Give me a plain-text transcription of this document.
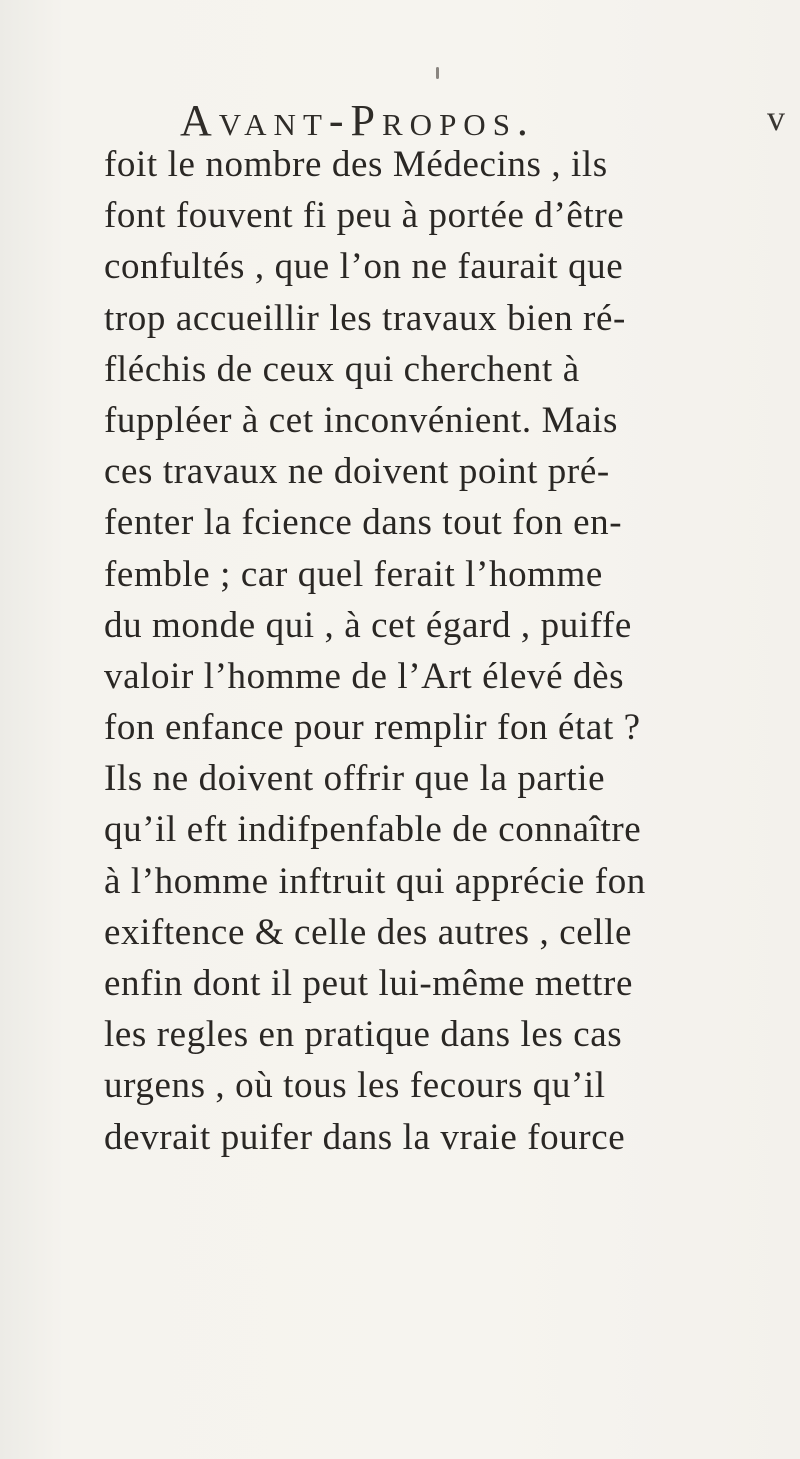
Avant-Propos.	v
foit le nombre des Médecins , ils
font fouvent fi peu à portée d’être
confultés , que l’on ne faurait que
trop accueillir les travaux bien ré-
fléchis de ceux qui cherchent à
fuppléer à cet inconvénient. Mais
ces travaux ne doivent point pré-
fenter la fcience dans tout fon en-
femble ; car quel ferait l’homme
du monde qui , à cet égard , puiffe
valoir l’homme de l’Art élevé dès
fon enfance pour remplir fon état ?
Ils ne doivent offrir que la partie
qu’il eft indifpenfable de connaître
à l’homme inftruit qui apprécie fon
exiftence & celle des autres , celle
enfin dont il peut lui-même mettre
les regles en pratique dans les cas
urgens , où tous les fecours qu’il
devrait puifer dans la vraie fource
